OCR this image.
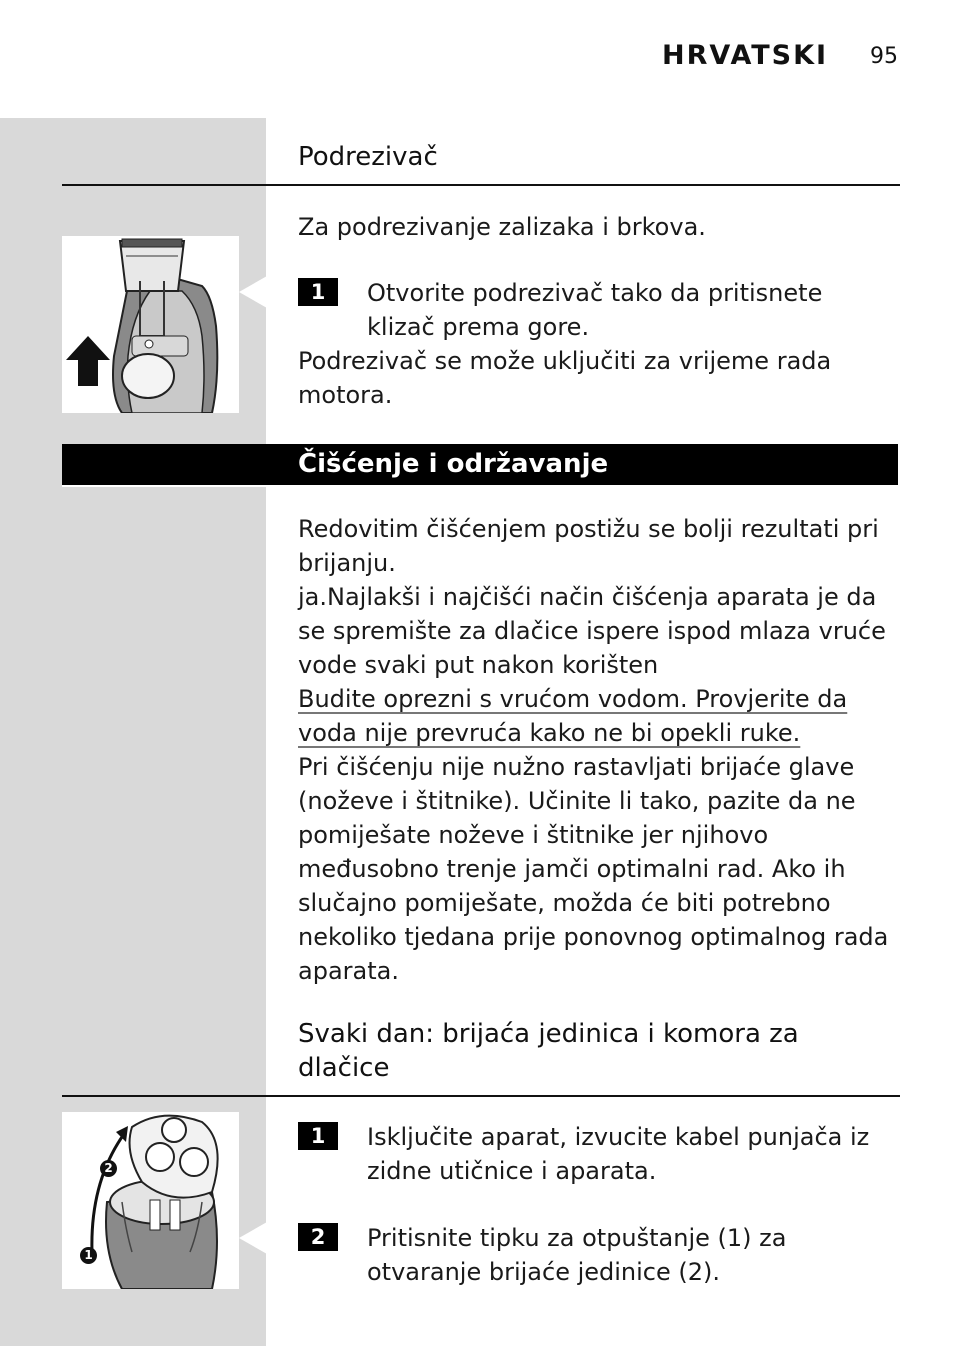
HRVATSKI 95
Podrezivač
Za podrezivanje zalizaka i brkova.
1	Otvorite podrezivač tako da pritisnete klizač prema gore.
Podrezivač se može uključiti za vrijeme rada motora.
Čišćenje i održavanje

Redovitim čišćenjem postižu se bolji rezultati pri brijanju.

ja.Najlakši i najčišći način čišćenja aparata je da se spremište za dlačice ispere ispod mlaza vruće vode svaki put nakon korišten

Budite oprezni s vrućom vodom. Provjerite da voda nije prevruća kako ne bi opekli ruke.

Pri čišćenju nije nužno rastavljati brijaće glave (noževe i štitnike). Učinite li tako, pazite da ne pomiješate noževe i štitnike jer njihovo međusobno trenje jamči optimalni rad. Ako ih slučajno pomiješate, možda će biti potrebno nekoliko tjedana prije ponovnog optimalnog rada aparata.

Svaki dan: brijaća jedinica i komora za dlačice
1	Isključite aparat, izvucite kabel punjača iz zidne utičnice i aparata.
2	Pritisnite tipku za otpuštanje (1) za otvaranje brijaće jedinice (2).
2
1
